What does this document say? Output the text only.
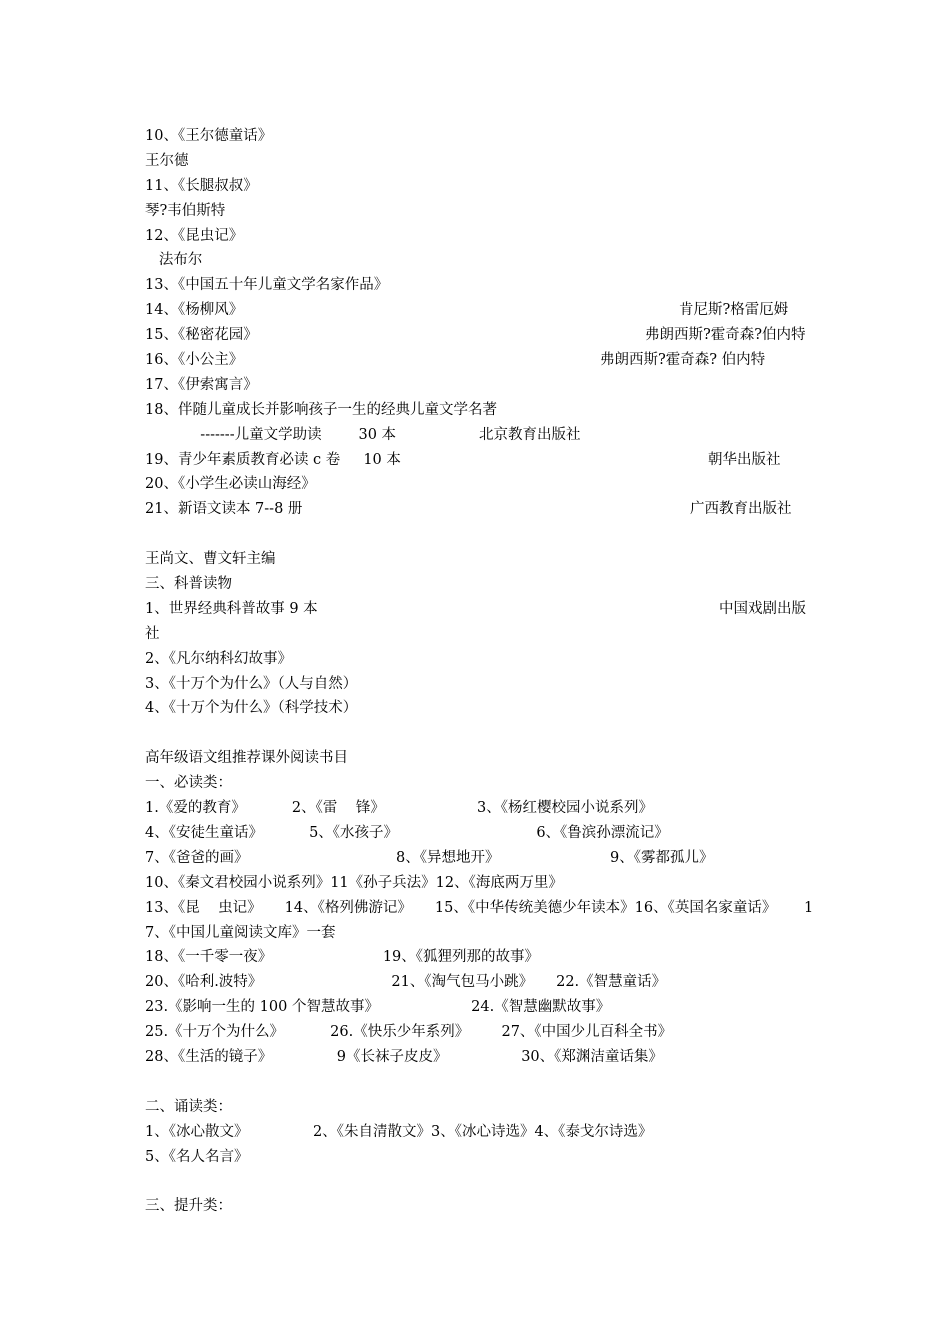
10、《王尔德童话》
王尔德
11、《长腿叔叔》
琴?韦伯斯特
12、《昆虫记》
法布尔
13、《中国五十年儿童文学名家作品》
14、《杨柳风》	肯尼斯?格雷厄姆
15、《秘密花园》	弗朗西斯?霍奇森?伯内特
16、《小公主》	弗朗西斯?霍奇森? 伯内特
17、《伊索寓言》
18、伴随儿童成长并影响孩子一生的经典儿童文学名著
-------儿童文学助读        30 本                  北京教育出版社
19、青少年素质教育必读 c 卷     10 本	朝华出版社
20、《小学生必读山海经》
21、新语文读本 7--8 册	广西教育出版社
王尚文、曹文轩主编
三、科普读物
1、世界经典科普故事 9 本	中国戏剧出版
社
2、《凡尔纳科幻故事》
3、《十万个为什么》（人与自然）
4、《十万个为什么》（科学技术）
高年级语文组推荐课外阅读书目
一、必读类：
1.《爱的教育》          2、《雷    锋》                    3、《杨红樱校园小说系列》
4、《安徒生童话》          5、《水孩子》                              6、《鲁滨孙漂流记》
7、《爸爸的画》                                8、《异想地开》                        9、《雾都孤儿》
10、《秦文君校园小说系列》11《孙子兵法》12、《海底两万里》
13、《昆    虫记》     14、《格列佛游记》     15、《中华传统美德少年读本》16、《英国名家童话》      1
7、《中国儿童阅读文库》一套
18、《一千零一夜》                        19、《狐狸列那的故事》
20、《哈利.波特》                            21、《淘气包马小跳》     22.《智慧童话》
23.《影响一生的 100 个智慧故事》                    24.《智慧幽默故事》
25.《十万个为什么》          26.《快乐少年系列》       27、《中国少儿百科全书》
28、《生活的镜子》              9《长袜子皮皮》                30、《郑渊洁童话集》
二、诵读类：
1、《冰心散文》              2、《朱自清散文》3、《冰心诗选》4、《泰戈尔诗选》
5、《名人名言》
三、提升类：
